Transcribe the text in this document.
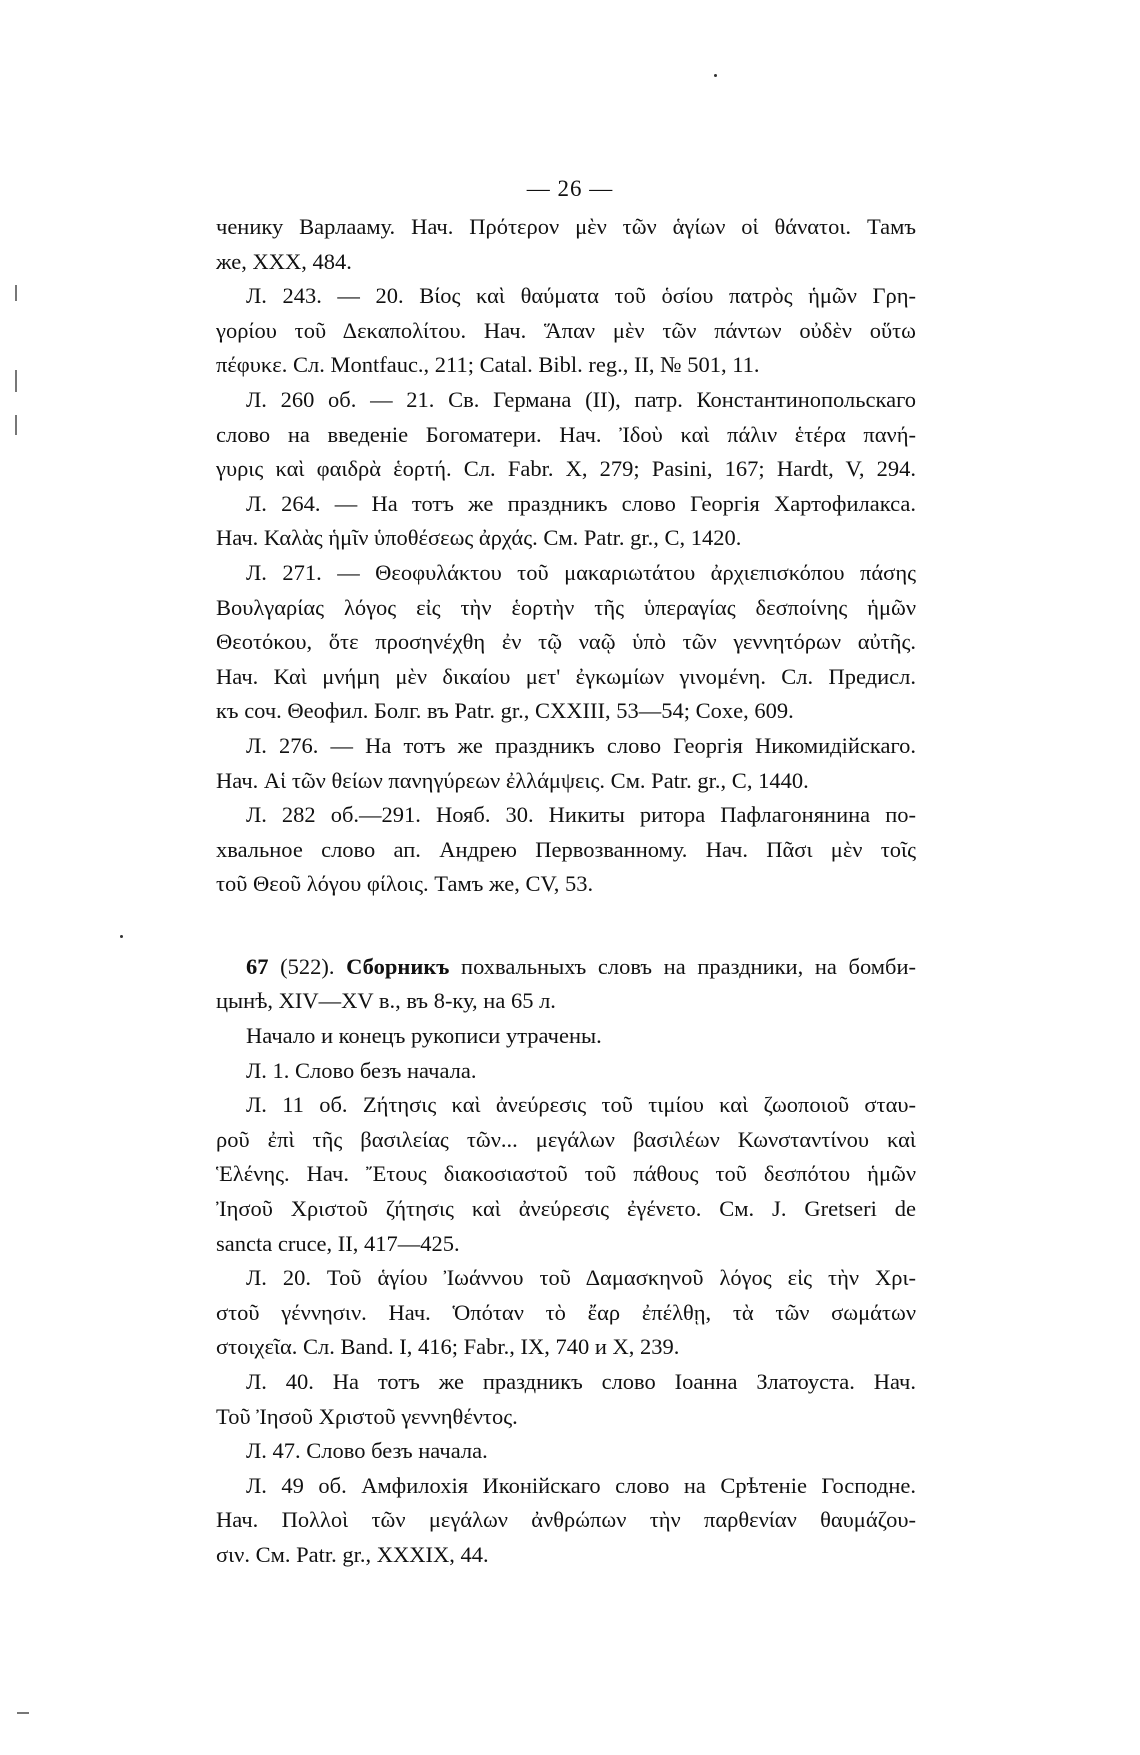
— 26 —
ченику Варлааму. Нач. Πρότερον μὲν τῶν ἁγίων οἱ θάνατοι. Тамъ
же, XXX, 484.
Л. 243. — 20. Βίος καὶ θαύματα τοῦ ὁσίου πατρὸς ἡμῶν Γρη-
γορίου τοῦ Δεκαπολίτου. Нач. Ἅπαν μὲν τῶν πάντων οὐδὲν οὕτω
πέφυκε. Сл. Montfauc., 211; Catal. Bibl. reg., II, № 501, 11.
Л. 260 об. — 21. Св. Германа (II), патр. Константинопольскаго
слово на введеніе Богоматери. Нач. Ἰδοὺ καὶ πάλιν ἑτέρα πανή-
γυρις καὶ φαιδρὰ ἑορτή. Сл. Fabr. X, 279; Pasini, 167; Hardt, V, 294.
Л. 264. — На тотъ же праздникъ слово Георгія Хартофилакса.
Нач. Καλὰς ἡμῖν ὑποθέσεως ἀρχάς. См. Patr. gr., C, 1420.
Л. 271. — Θεοφυλάκτου τοῦ μακαριωτάτου ἀρχιεπισκόπου πάσης
Βουλγαρίας λόγος εἰς τὴν ἑορτὴν τῆς ὑπεραγίας δεσποίνης ἡμῶν
Θεοτόκου, ὅτε προσηνέχθη ἐν τῷ ναῷ ὑπὸ τῶν γεννητόρων αὐτῆς.
Нач. Καὶ μνήμη μὲν δικαίου μετ' ἐγκωμίων γινομένη. Сл. Предисл.
къ соч. Θеофил. Болг. въ Patr. gr., CXXIII, 53—54; Coxe, 609.
Л. 276. — На тотъ же праздникъ слово Георгія Никомидійскаго.
Нач. Αἱ τῶν θείων πανηγύρεων ἐλλάμψεις. См. Patr. gr., C, 1440.
Л. 282 об.—291. Нояб. 30. Никиты ритора Пафлагонянина по-
хвальное слово ап. Андрею Первозванному. Нач. Πᾶσι μὲν τοῖς
τοῦ Θεοῦ λόγου φίλοις. Тамъ же, CV, 53.
67 (522). Сборникъ похвальныхъ словъ на праздники, на бомби-
цынѣ, XIV—XV в., въ 8-ку, на 65 л.
Начало и конецъ рукописи утрачены.
Л. 1. Слово безъ начала.
Л. 11 об. Ζήτησις καὶ ἀνεύρεσις τοῦ τιμίου καὶ ζωοποιοῦ σταυ-
ροῦ ἐπὶ τῆς βασιλείας τῶν... μεγάλων βασιλέων Κωνσταντίνου καὶ
Ἑλένης. Нач. Ἔτους διακοσιαστοῦ τοῦ πάθους τοῦ δεσπότου ἡμῶν
Ἰησοῦ Χριστοῦ ζήτησις καὶ ἀνεύρεσις ἐγένετο. См. J. Gretseri de
sancta cruce, II, 417—425.
Л. 20. Τοῦ ἁγίου Ἰωάννου τοῦ Δαμασκηνοῦ λόγος εἰς τὴν Χρι-
στοῦ γέννησιν. Нач. Ὁπόταν τὸ ἔαρ ἐπέλθῃ, τὰ τῶν σωμάτων
στοιχεῖα. Сл. Band. I, 416; Fabr., IX, 740 и X, 239.
Л. 40. На тотъ же праздникъ слово Іоанна Златоуста. Нач.
Τοῦ Ἰησοῦ Χριστοῦ γεννηθέντος.
Л. 47. Слово безъ начала.
Л. 49 об. Амфилохія Иконійскаго слово на Срѣтеніе Господне.
Нач. Πολλοὶ τῶν μεγάλων ἀνθρώπων τὴν παρθενίαν θαυμάζου-
σιν. См. Patr. gr., XXXIX, 44.
